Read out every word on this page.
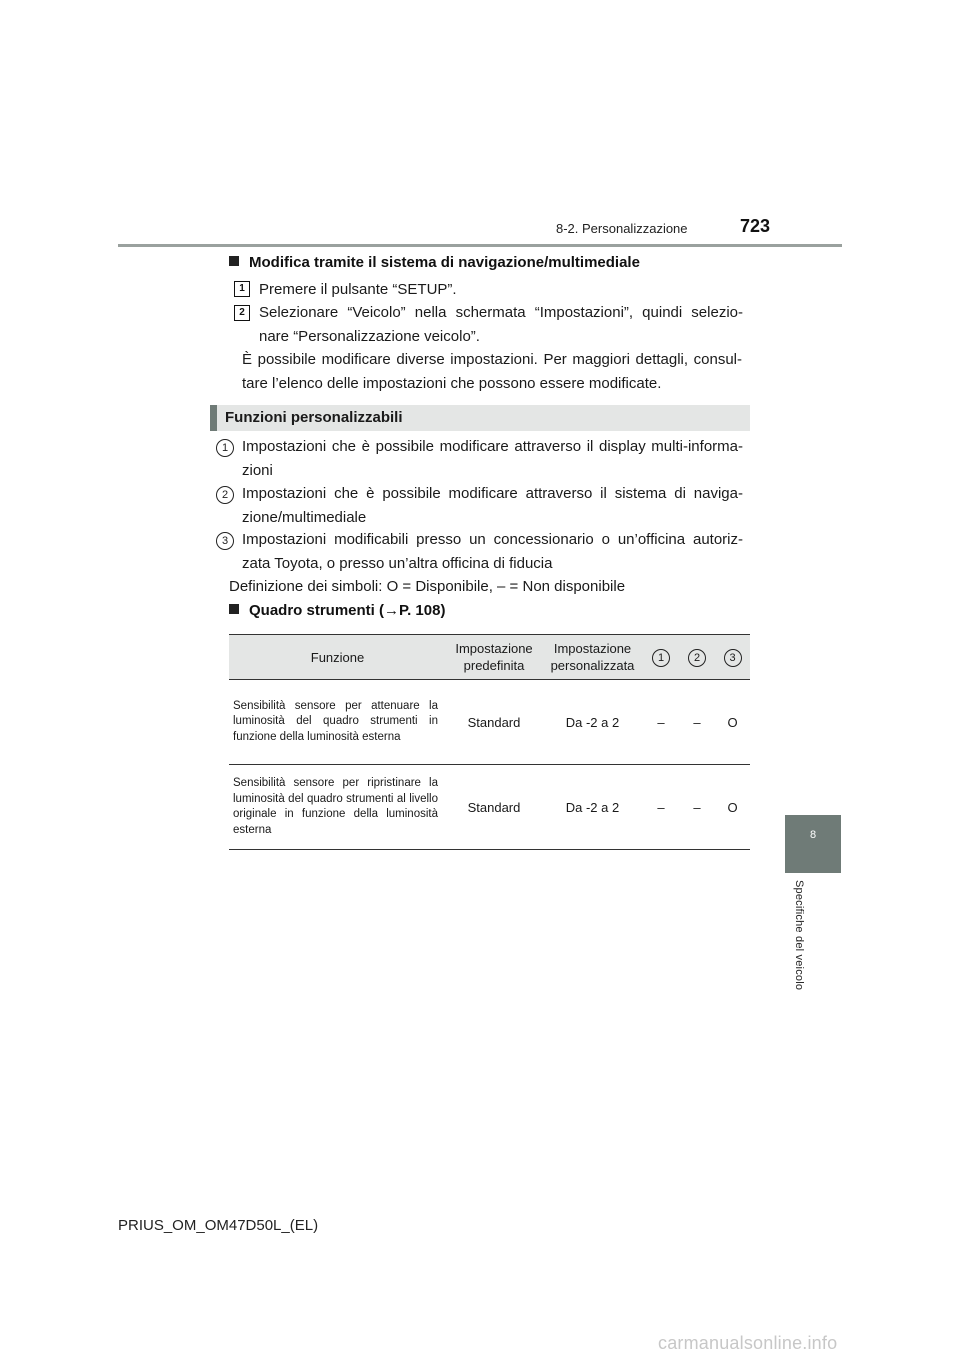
8-2. Personalizzazione	723
8
Specifiche del veicolo
Modifica tramite il sistema di navigazione/multimediale
1 Premere il pulsante “SETUP”.
2 Selezionare “Veicolo” nella schermata “Impostazioni”, quindi selezio- nare “Personalizzazione veicolo”.
È possibile modificare diverse impostazioni. Per maggiori dettagli, consul- tare l’elenco delle impostazioni che possono essere modificate.
Funzioni personalizzabili
1 Impostazioni che è possibile modificare attraverso il display multi-informa- zioni
2 Impostazioni che è possibile modificare attraverso il sistema di naviga- zione/multimediale
3 Impostazioni modificabili presso un concessionario o un’officina autoriz- zata Toyota, o presso un’altra officina di fiducia
Definizione dei simboli: O = Disponibile, – = Non disponibile
Quadro strumenti (→P. 108)
Funzione	Impostazione predefinita	Impostazione personalizzata	1	2	3
Sensibilità sensore per attenuare la luminosità del quadro strumenti in funzione della luminosità esterna	Standard	Da -2 a 2	–	–	O
Sensibilità sensore per ripristinare la luminosità del quadro strumenti al livello originale in funzione della luminosità esterna	Standard	Da -2 a 2	–	–	O
PRIUS_OM_OM47D50L_(EL)
carmanualsonline.info
